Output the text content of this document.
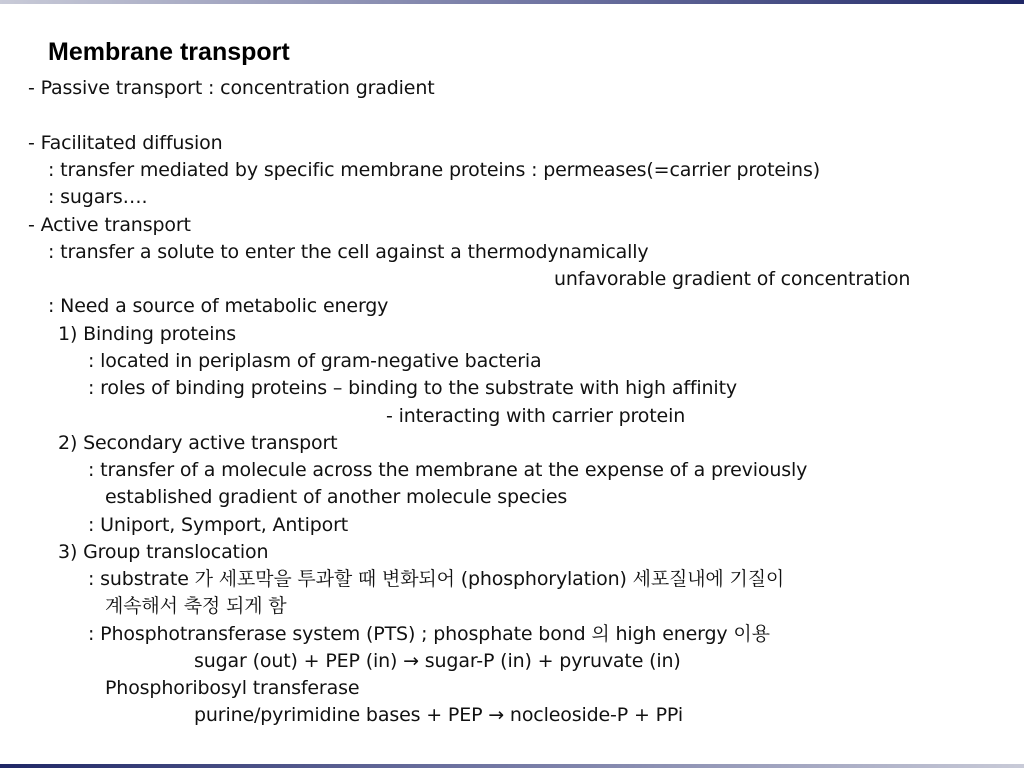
Membrane transport
- Passive transport : concentration gradient
- Facilitated diffusion
: transfer mediated by specific membrane proteins : permeases(=carrier proteins)
: sugars….
- Active transport
: transfer a solute to enter the cell against a thermodynamically
unfavorable gradient of concentration
: Need a source of metabolic energy
1) Binding proteins
: located in periplasm of gram-negative bacteria
: roles of binding proteins – binding to the substrate with high affinity
- interacting with carrier protein
2) Secondary active transport
: transfer of a molecule across the membrane at the expense of a previously
established gradient of another molecule species
: Uniport, Symport, Antiport
3) Group translocation
: substrate 가 세포막을 투과할 때 변화되어 (phosphorylation) 세포질내에 기질이
계속해서 축정 되게 함
: Phosphotransferase system (PTS) ; phosphate bond 의 high energy 이용
sugar (out) + PEP (in) → sugar-P (in) + pyruvate (in)
Phosphoribosyl transferase
purine/pyrimidine bases + PEP → nocleoside-P + PPi
